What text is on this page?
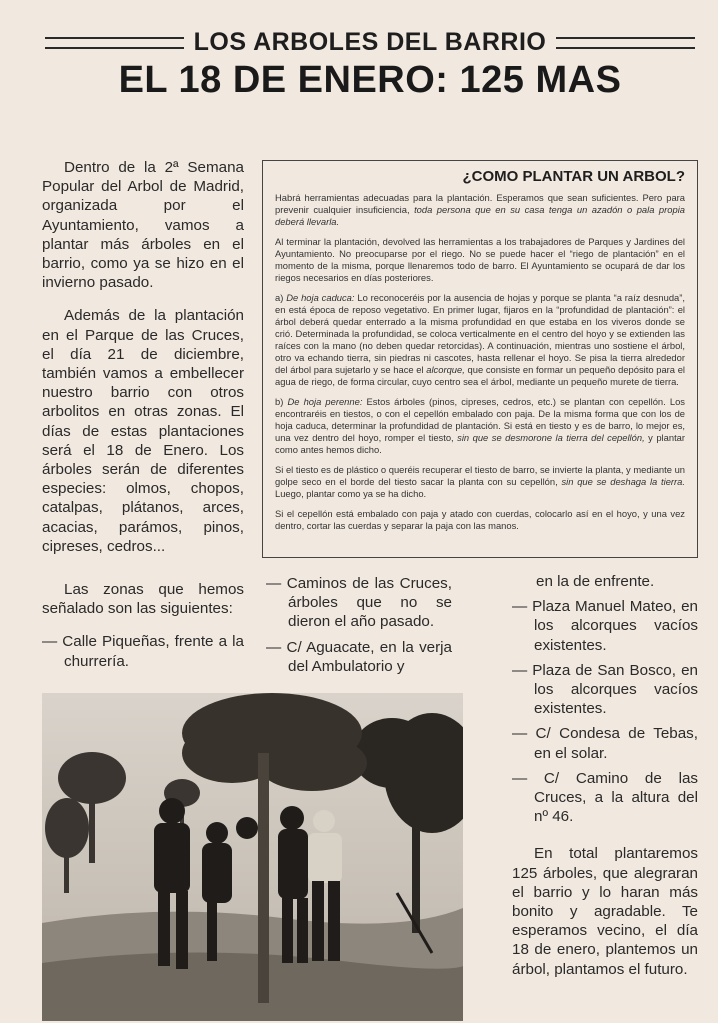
LOS ARBOLES DEL BARRIO
EL 18 DE ENERO: 125 MAS

Dentro de la 2ª Semana Popular del Arbol de Madrid, organizada por el Ayuntamiento, vamos a plantar más árboles en el barrio, como ya se hizo en el invierno pasado.

Además de la plantación en el Parque de las Cruces, el día 21 de diciembre, también vamos a embellecer nuestro barrio con otros arbolitos en otras zonas. El días de estas plantaciones será el 18 de Enero. Los árboles serán de diferentes especies: olmos, chopos, catalpas, plátanos, arces, acacias, parámos, pinos, cipreses, cedros...

¿COMO PLANTAR UN ARBOL?

Habrá herramientas adecuadas para la plantación. Esperamos que sean suficientes. Pero para prevenir cualquier insuficiencia, toda persona que en su casa tenga un azadón o pala propia deberá llevarla.

Al terminar la plantación, devolved las herramientas a los trabajadores de Parques y Jardines del Ayuntamiento. No preocuparse por el riego. No se puede hacer el “riego de plantación” en el momento de la misma, porque llenaremos todo de barro. El Ayuntamiento se ocupará de dar los riegos necesarios en días posteriores.

a) De hoja caduca: Lo reconoceréis por la ausencia de hojas y porque se planta “a raíz desnuda”, en está época de reposo vegetativo. En primer lugar, fijaros en la “profundidad de plantación”: el árbol deberá quedar enterrado a la misma profundidad en que estaba en los viveros donde se crió. Determinada la profundidad, se coloca verticalmente en el centro del hoyo y se extienden las raíces con la mano (no deben quedar retorcidas). A continuación, mientras uno sostiene el árbol, otro va echando tierra, sin piedras ni cascotes, hasta rellenar el hoyo. Se pisa la tierra alrededor del árbol para sujetarlo y se hace el alcorque, que consiste en formar un pequeño depósito para el agua de riego, de forma circular, cuyo centro sea el árbol, mediante un pequeño murete de tierra.

b) De hoja perenne: Estos árboles (pinos, cipreses, cedros, etc.) se plantan con cepellón. Los encontraréis en tiestos, o con el cepellón embalado con paja. De la misma forma que con los de hoja caduca, determinar la profundidad de plantación. Si está en tiesto y es de barro, lo mejor es, una vez dentro del hoyo, romper el tiesto, sin que se desmorone la tierra del cepellón, y plantar como antes hemos dicho.

Si el tiesto es de plástico o queréis recuperar el tiesto de barro, se invierte la planta, y mediante un golpe seco en el borde del tiesto sacar la planta con su cepellón, sin que se deshaga la tierra. Luego, plantar como ya se ha dicho.

Si el cepellón está embalado con paja y atado con cuerdas, colocarlo así en el hoyo, y una vez dentro, cortar las cuerdas y separar la paja con las manos.

Las zonas que hemos señalado son las siguientes:

— Calle Piqueñas, frente a la churrería.
— Caminos de las Cruces, árboles que no se dieron el año pasado.
— C/ Aguacate, en la verja del Ambulatorio y
en la de enfrente.
— Plaza Manuel Mateo, en los alcorques vacíos existentes.
— Plaza de San Bosco, en los alcorques vacíos existentes.
— C/ Condesa de Tebas, en el solar.
— C/ Camino de las Cruces, a la altura del nº 46.

En total plantaremos 125 árboles, que alegraran el barrio y lo haran más bonito y agradable. Te esperamos vecino, el día 18 de enero, plantemos un árbol, plantamos el futuro.
